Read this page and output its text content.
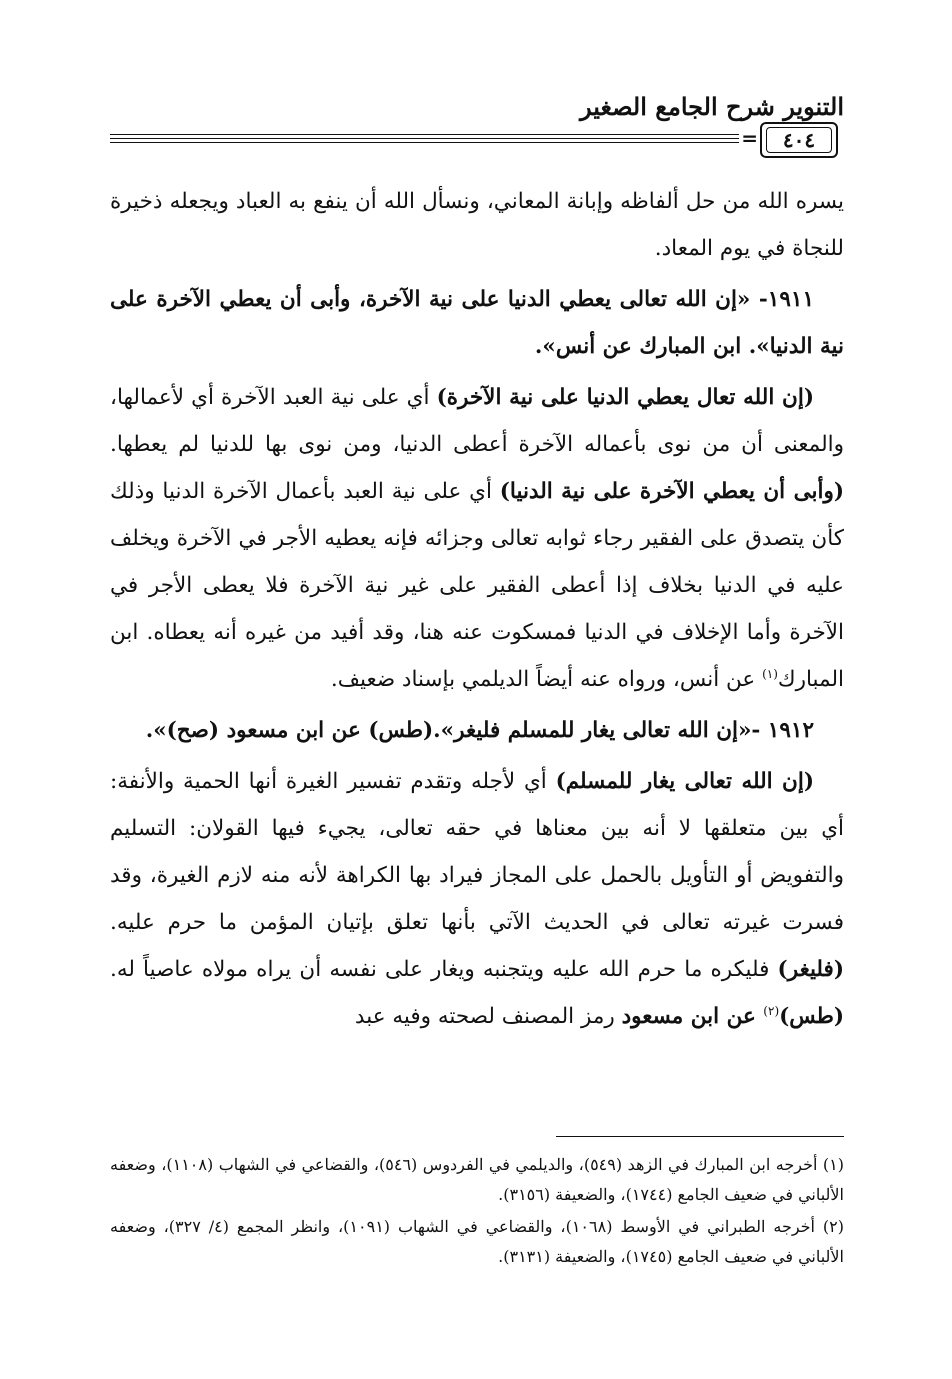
التنوير شرح الجامع الصغير
= ٤٠٤

يسره الله من حل ألفاظه وإبانة المعاني، ونسأل الله أن ينفع به العباد ويجعله ذخيرة للنجاة في يوم المعاد.

١٩١١- «إن الله تعالى يعطي الدنيا على نية الآخرة، وأبى أن يعطي الآخرة على نية الدنيا». ابن المبارك عن أنس».

(إن الله تعال يعطي الدنيا على نية الآخرة) أي على نية العبد الآخرة أي لأعمالها، والمعنى أن من نوى بأعماله الآخرة أعطى الدنيا، ومن نوى بها للدنيا لم يعطها. (وأبى أن يعطي الآخرة على نية الدنيا) أي على نية العبد بأعمال الآخرة الدنيا وذلك كأن يتصدق على الفقير رجاء ثوابه تعالى وجزائه فإنه يعطيه الأجر في الآخرة ويخلف عليه في الدنيا بخلاف إذا أعطى الفقير على غير نية الآخرة فلا يعطى الأجر في الآخرة وأما الإخلاف في الدنيا فمسكوت عنه هنا، وقد أفيد من غيره أنه يعطاه. ابن المبارك$^{(١)}$ عن أنس، ورواه عنه أيضاً الديلمي بإسناد ضعيف.

١٩١٢ -«إن الله تعالى يغار للمسلم فليغر».(طس) عن ابن مسعود (صح)».

(إن الله تعالى يغار للمسلم) أي لأجله وتقدم تفسير الغيرة أنها الحمية والأنفة: أي بين متعلقها لا أنه بين معناها في حقه تعالى، يجيء فيها القولان: التسليم والتفويض أو التأويل بالحمل على المجاز فيراد بها الكراهة لأنه منه لازم الغيرة، وقد فسرت غيرته تعالى في الحديث الآتي بأنها تعلق بإتيان المؤمن ما حرم عليه. (فليغر) فليكره ما حرم الله عليه ويتجنبه ويغار على نفسه أن يراه مولاه عاصياً له. (طس)$^{(٢)}$ عن ابن مسعود رمز المصنف لصحته وفيه عبد

(١) أخرجه ابن المبارك في الزهد (٥٤٩)، والديلمي في الفردوس (٥٤٦)، والقضاعي في الشهاب (١١٠٨)، وضعفه الألباني في ضعيف الجامع (١٧٤٤)، والضعيفة (٣١٥٦).

(٢) أخرجه الطبراني في الأوسط (١٠٦٨)، والقضاعي في الشهاب (١٠٩١)، وانظر المجمع (٤/ ٣٢٧)، وضعفه الألباني في ضعيف الجامع (١٧٤٥)، والضعيفة (٣١٣١).
